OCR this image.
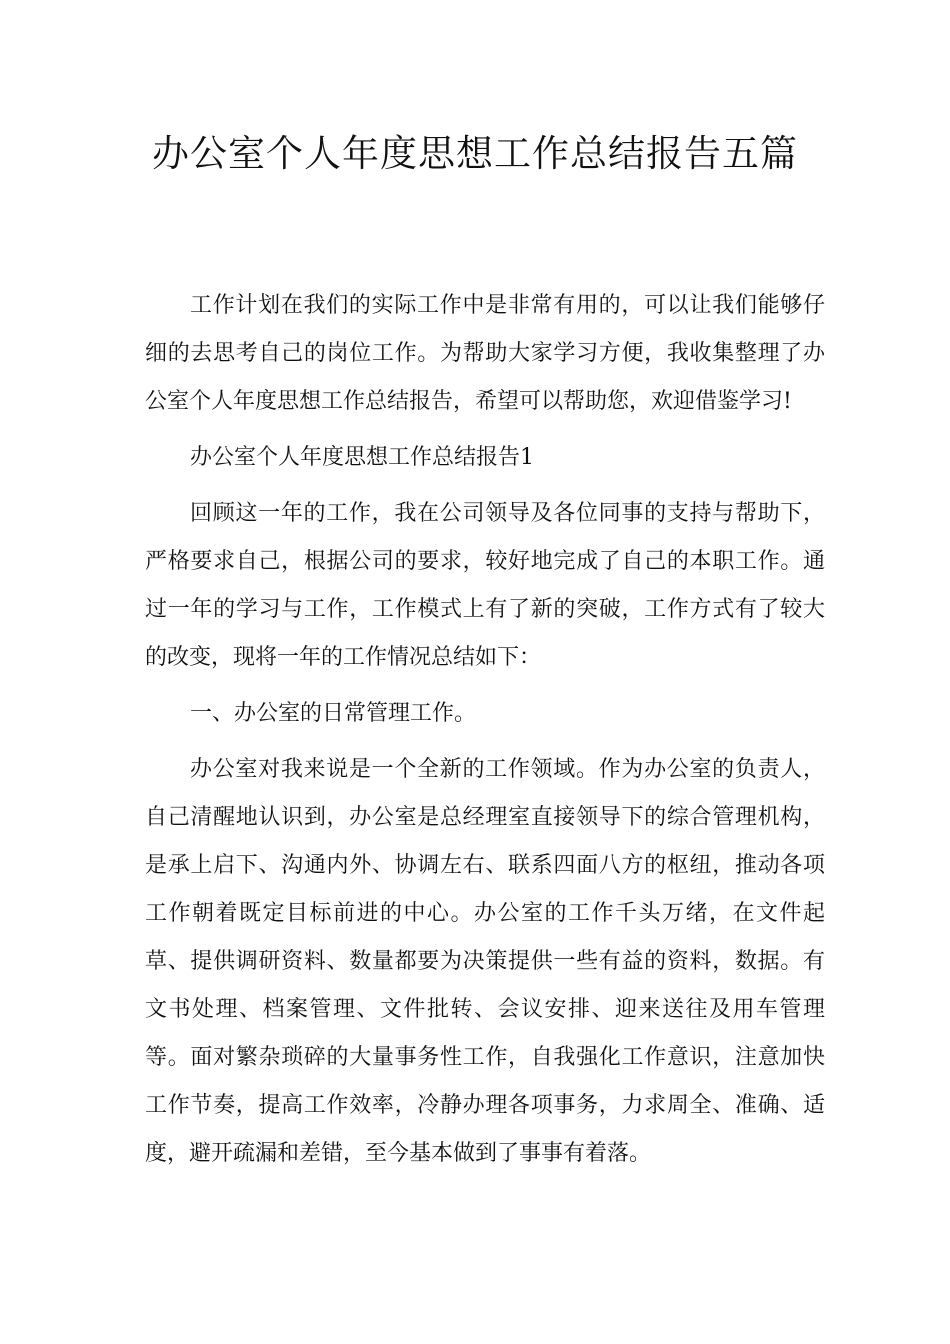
办公室个人年度思想工作总结报告五篇

工作计划在我们的实际工作中是非常有用的，可以让我们能够仔细的去思考自己的岗位工作。为帮助大家学习方便，我收集整理了办公室个人年度思想工作总结报告，希望可以帮助您，欢迎借鉴学习!

办公室个人年度思想工作总结报告1

回顾这一年的工作，我在公司领导及各位同事的支持与帮助下，严格要求自己，根据公司的要求，较好地完成了自己的本职工作。通过一年的学习与工作，工作模式上有了新的突破，工作方式有了较大的改变，现将一年的工作情况总结如下：

一、办公室的日常管理工作。

办公室对我来说是一个全新的工作领域。作为办公室的负责人，自己清醒地认识到，办公室是总经理室直接领导下的综合管理机构，是承上启下、沟通内外、协调左右、联系四面八方的枢纽，推动各项工作朝着既定目标前进的中心。办公室的工作千头万绪，在文件起草、提供调研资料、数量都要为决策提供一些有益的资料，数据。有文书处理、档案管理、文件批转、会议安排、迎来送往及用车管理等。面对繁杂琐碎的大量事务性工作，自我强化工作意识，注意加快工作节奏，提高工作效率，冷静办理各项事务，力求周全、准确、适度，避开疏漏和差错，至今基本做到了事事有着落。
